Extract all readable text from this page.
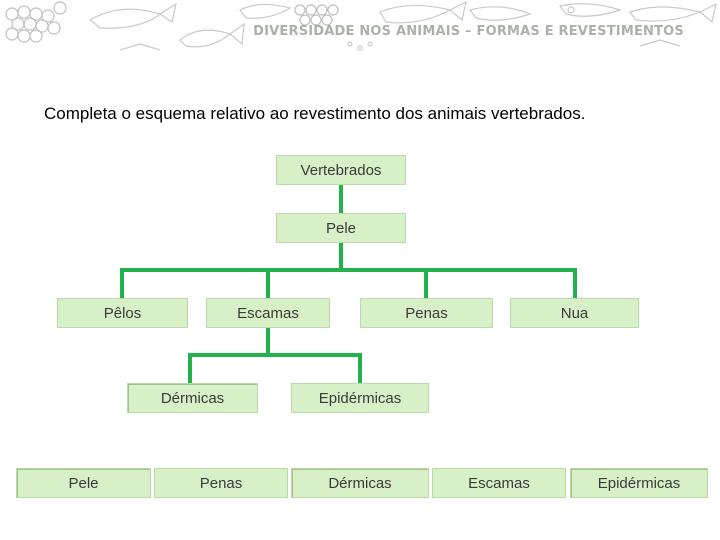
DIVERSIDADE NOS ANIMAIS – FORMAS E REVESTIMENTOS
Completa o esquema relativo ao revestimento dos animais vertebrados.
Vertebrados
Pele
Pêlos	Escamas	Penas	Nua
Dérmicas	Epidérmicas
Pele	Penas	Dérmicas	Escamas	Epidérmicas
